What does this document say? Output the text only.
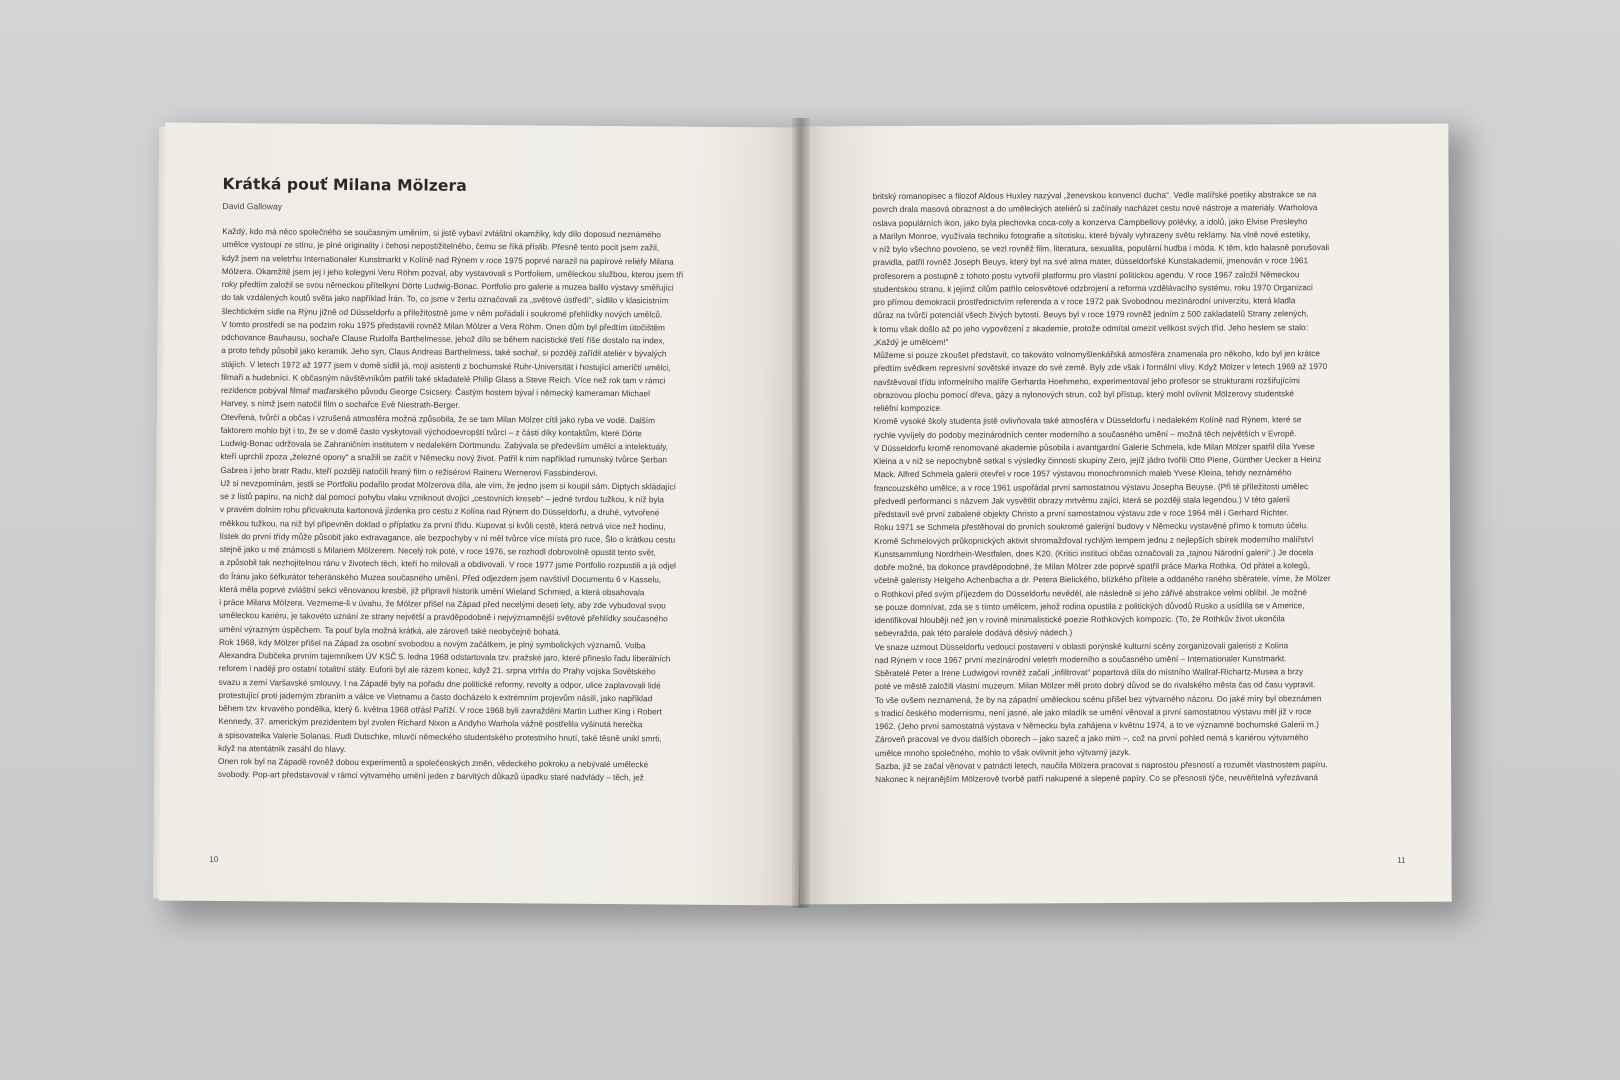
Krátká pouť Milana Mölzera
David Galloway

Každý, kdo má něco společného se současným uměním, si jistě vybaví zvláštní okamžiky, kdy dílo doposud neznámého

umělce vystoupí ze stínu, je plné originality i čehosi nepostižitelného, čemu se říká příslib. Přesně tento pocit jsem zažil,

když jsem na veletrhu Internationaler Kunstmarkt v Kolíně nad Rýnem v roce 1975 poprvé narazil na papírové reliéfy Milana

Mölzera. Okamžitě jsem jej i jeho kolegyni Veru Röhm pozval, aby vystavovali s Portfoliem, uměleckou službou, kterou jsem tři

roky předtím založil se svou německou přítelkyní Dörte Ludwig-Bonac. Portfolio pro galerie a muzea balilo výstavy směřující

do tak vzdálených koutů světa jako například Írán. To, co jsme v žertu označovali za „světové ústředí“, sídlilo v klasicistním

šlechtickém sídle na Rýnu jižně od Düsseldorfu a příležitostně jsme v něm pořádali i soukromé přehlídky nových umělců.

V tomto prostředí se na podzim roku 1975 představili rovněž Milan Mölzer a Vera Röhm. Onen dům byl předtím útočištěm

odchovance Bauhausu, sochaře Clause Rudolfa Barthelmesse, jehož dílo se během nacistické třetí říše dostalo na index,

a proto tehdy působil jako keramik. Jeho syn, Claus Andreas Barthelmess, také sochař, si později zařídil ateliér v bývalých

stájích. V letech 1972 až 1977 jsem v domě sídlil já, moji asistenti z bochumské Ruhr-Universität i hostující američtí umělci,

filmaři a hudebníci. K občasným návštěvníkům patřili také skladatelé Philip Glass a Steve Reich. Více než rok tam v rámci

rezidence pobýval filmař maďarského původu George Csicsery. Častým hostem býval i německý kameraman Michael

Harvey, s nímž jsem natočil film o sochařce Evě Niestrath-Berger.

Otevřená, tvůrčí a občas i vzrušená atmosféra možná způsobila, že se tam Milan Mölzer cítil jako ryba ve vodě. Dalším

faktorem mohlo být i to, že se v domě často vyskytovali východoevropští tvůrci – z části díky kontaktům, které Dörte

Ludwig-Bonac udržovala se Zahraničním institutem v nedalekém Dortmundu. Zabývala se především umělci a intelektuály,

kteří uprchli zpoza „železné opony“ a snažili se začít v Německu nový život. Patřil k nim například rumunský tvůrce Şerban

Gabrea i jeho bratr Radu, kteří později natočili hraný film o režisérovi Raineru Wernerovi Fassbinderovi.

Už si nevzpomínám, jestli se Portfoliu podařilo prodat Mölzerova díla, ale vím, že jedno jsem si koupil sám. Diptych skládající

se z listů papíru, na nichž dal pomocí pohybu vlaku vzniknout dvojici „cestovních kreseb“ – jedné tvrdou tužkou, k níž byla

v pravém dolním rohu přicvaknuta kartonová jízdenka pro cestu z Kolína nad Rýnem do Düsseldorfu, a druhé, vytvořené

měkkou tužkou, na niž byl připevněn doklad o příplatku za první třídu. Kupovat si kvůli cestě, která netrvá více než hodinu,

lístek do první třídy může působit jako extravagance, ale bezpochyby v ní měl tvůrce více místa pro ruce. Šlo o krátkou cestu

stejně jako u mé známosti s Milanem Mölzerem. Necelý rok poté, v roce 1976, se rozhodl dobrovolně opustit tento svět,

a způsobil tak nezhojitelnou ránu v životech těch, kteří ho milovali a obdivovali. V roce 1977 jsme Portfolio rozpustili a já odjel

do Íránu jako šéfkurátor teheránského Muzea současného umění. Před odjezdem jsem navštívil Documentu 6 v Kasselu,

která měla poprvé zvláštní sekci věnovanou kresbě, již připravil historik umění Wieland Schmied, a která obsahovala

i práce Milana Mölzera. Vezmeme-li v úvahu, že Mölzer přišel na Západ před necelými deseti lety, aby zde vybudoval svou

uměleckou kariéru, je takovéto uznání ze strany největší a pravděpodobně i nejvýznamnější světové přehlídky současného

umění výrazným úspěchem. Ta pouť byla možná krátká, ale zároveň také neobyčejně bohatá.

Rok 1968, kdy Mölzer přišel na Západ za osobní svobodou a novým začátkem, je plný symbolických významů. Volba

Alexandra Dubčeka prvním tajemníkem ÚV KSČ 5. ledna 1968 odstartovala tzv. pražské jaro, které přineslo řadu liberálních

reforem i naději pro ostatní totalitní státy. Euforii byl ale rázem konec, když 21. srpna vtrhla do Prahy vojska Sovětského

svazu a zemí Varšavské smlouvy. I na Západě byly na pořadu dne politické reformy, revolty a odpor, ulice zaplavovali lidé

protestující proti jaderným zbraním a válce ve Vietnamu a často docházelo k extrémním projevům násilí, jako například

během tzv. krvavého pondělka, který 6. května 1968 otřásl Paříží. V roce 1968 byli zavražděni Martin Luther King i Robert

Kennedy, 37. americkým prezidentem byl zvolen Richard Nixon a Andyho Warhola vážně postřelila vyšinutá herečka

a spisovatelka Valerie Solanas. Rudi Dutschke, mluvčí německého studentského protestního hnutí, také těsně unikl smrti,

když na atentátník zasáhl do hlavy.

Onen rok byl na Západě rovněž dobou experimentů a společenských změn, vědeckého pokroku a nebývalé umělecké

svobody. Pop-art představoval v rámci výtvarného umění jeden z barvitých důkazů úpadku staré nadvlády – těch, jež

10

britský romanopisec a filozof Aldous Huxley nazýval „ženevskou konvencí ducha“. Vedle malířské poetiky abstrakce se na

povrch drala masová obraznost a do uměleckých ateliérů si začínaly nacházet cestu nové nástroje a materiály. Warholova

oslava populárních ikon, jako byla plechovka coca-coly a konzerva Campbellovy polévky, a idolů, jako Elvise Presleyho

a Marilyn Monroe, využívala techniku fotografie a sítotisku, které bývaly vyhrazeny světu reklamy. Na vlně nové estetiky,

v níž bylo všechno povoleno, se vezl rovněž film, literatura, sexualita, populární hudba i móda. K těm, kdo halasně porušovali

pravidla, patřil rovněž Joseph Beuys, který byl na své alma mater, düsseldorfské Kunstakademii, jmenován v roce 1961

profesorem a postupně z tohoto postu vytvořil platformu pro vlastní politickou agendu. V roce 1967 založil Německou

studentskou stranu, k jejímž cílům patřilo celosvětové odzbrojení a reforma vzdělávacího systému, roku 1970 Organizaci

pro přímou demokracii prostřednictvím referenda a v roce 1972 pak Svobodnou mezinárodní univerzitu, která kladla

důraz na tvůrčí potenciál všech živých bytostí. Beuys byl v roce 1979 rovněž jedním z 500 zakladatelů Strany zelených,

k tomu však došlo až po jeho vypovězení z akademie, protože odmítal omezit velikost svých tříd. Jeho heslem se stalo:

„Každý je umělcem!“

Můžeme si pouze zkoušet představit, co takováto volnomyšlenkářská atmosféra znamenala pro někoho, kdo byl jen krátce

předtím svědkem represivní sovětské invaze do své země. Byly zde však i formální vlivy. Když Mölzer v letech 1969 až 1970

navštěvoval třídu informelního malíře Gerharda Hoehmeho, experimentoval jeho profesor se strukturami rozšiřujícími

obrazovou plochu pomocí dřeva, gázy a nylonových strun, což byl přístup, který mohl ovlivnit Mölzerovy studentské

reliéfní kompozice.

Kromě vysoké školy studenta jistě ovlivňovala také atmosféra v Düsseldorfu i nedalekém Kolíně nad Rýnem, které se

rychle vyvíjely do podoby mezinárodních center moderního a současného umění – možná těch největších v Evropě.

V Düsseldorfu kromě renomované akademie působila i avantgardní Galerie Schmela, kde Milan Mölzer spatřil díla Yvese

Kleina a v níž se nepochybně setkal s výsledky činnosti skupiny Zero, jejíž jádro tvořili Otto Piene, Günther Uecker a Heinz

Mack. Alfred Schmela galerii otevřel v roce 1957 výstavou monochromních maleb Yvese Kleina, tehdy neznámého

francouzského umělce, a v roce 1961 uspořádal první samostatnou výstavu Josepha Beuyse. (Při té příležitosti umělec

předvedl performanci s názvem Jak vysvětlit obrazy mrtvému zajíci, která se později stala legendou.) V této galerii

představil své první zabalené objekty Christo a první samostatnou výstavu zde v roce 1964 měl i Gerhard Richter.

Roku 1971 se Schmela přestěhoval do prvních soukromé galerijní budovy v Německu vystavěné přímo k tomuto účelu.

Kromě Schmelových průkopnických aktivit shromažďoval rychlým tempem jednu z nejlepších sbírek moderního malířství

Kunstsammlung Nordrhein-Westfalen, dnes K20. (Kritici instituci občas označovali za „tajnou Národní galerii“.) Je docela

dobře možné, ba dokonce pravděpodobné, že Milan Mölzer zde poprvé spatřil práce Marka Rothka. Od přátel a kolegů,

včetně galeristy Helgeho Achenbacha a dr. Petera Bielického, blízkého přítele a oddaného raného sběratele, víme, že Mölzer

o Rothkovi před svým příjezdem do Düsseldorfu nevěděl, ale následně si jeho zářivé abstrakce velmi oblíbil. Je možné

se pouze domnívat, zda se s tímto umělcem, jehož rodina opustila z politických důvodů Rusko a usídlila se v Americe,

identifikoval hlouběji než jen v rovině minimalistické poezie Rothkových kompozic. (To, že Rothkův život ukončila

sebevražda, pak této paralele dodává děsivý nádech.)

Ve snaze uzmout Düsseldorfu vedoucí postavení v oblasti porýnské kulturní scény zorganizovali galeristi z Kolína

nad Rýnem v roce 1967 první mezinárodní veletrh moderního a současného umění – Internationaler Kunstmarkt.

Sběratelé Peter a Irene Ludwigovi rovněž začali „infiltrovat“ popartová díla do místního Wallraf-Richartz-Musea a brzy

poté ve městě založili vlastní muzeum. Milan Mölzer měl proto dobrý důvod se do rivalského města čas od času vypravit.

To vše ovšem neznamená, že by na západní uměleckou scénu přišel bez výtvarného názoru. Do jaké míry byl obeznámen

s tradicí českého modernismu, není jasné, ale jako mladík se umění věnoval a první samostatnou výstavu měl již v roce

1962. (Jeho první samostatná výstava v Německu byla zahájena v květnu 1974, a to ve významné bochumské Galerii m.)

Zároveň pracoval ve dvou dalších oborech – jako sazeč a jako mim –, což na první pohled nemá s kariérou výtvarného

umělce mnoho společného, mohlo to však ovlivnit jeho výtvarný jazyk.

Sazba, již se začal věnovat v patnácti letech, naučila Mölzera pracovat s naprostou přesností a rozumět vlastnostem papíru.

Nakonec k nejranějším Mölzerově tvorbě patří nakupené a slepené papíry. Co se přesnosti týče, neuvěřitelná vyřezávaná

11
